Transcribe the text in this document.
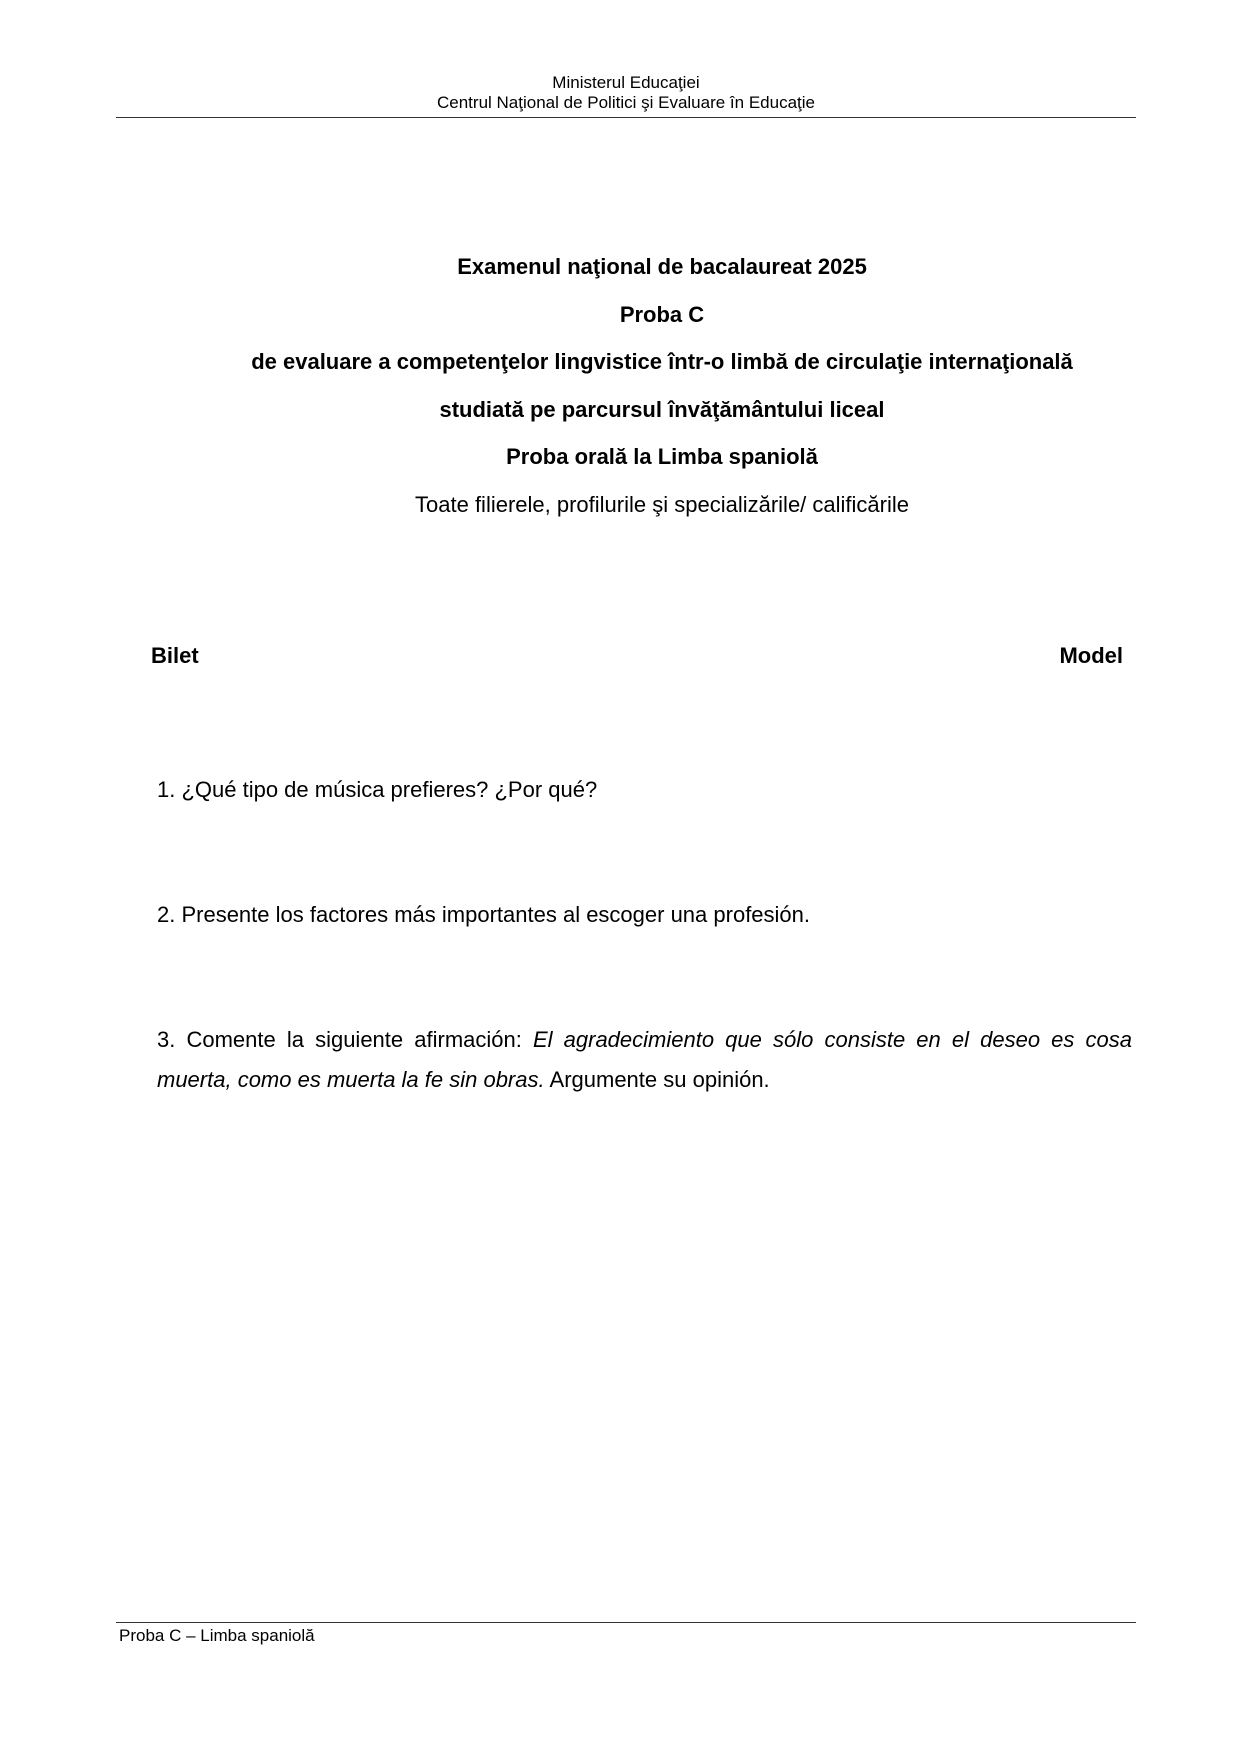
Ministerul Educaţiei
Centrul Naţional de Politici şi Evaluare în Educaţie
Examenul naţional de bacalaureat 2025
Proba C
de evaluare a competenţelor lingvistice într-o limbă de circulaţie internaţională
studiată pe parcursul învăţământului liceal
Proba orală la Limba spaniolă
Toate filierele, profilurile şi specializările/ calificările
Bilet	Model
1. ¿Qué tipo de música prefieres? ¿Por qué?
2. Presente los factores más importantes al escoger una profesión.
3. Comente la siguiente afirmación: El agradecimiento que sólo consiste en el deseo es cosa muerta, como es muerta la fe sin obras. Argumente su opinión.
Proba C – Limba spaniolă
